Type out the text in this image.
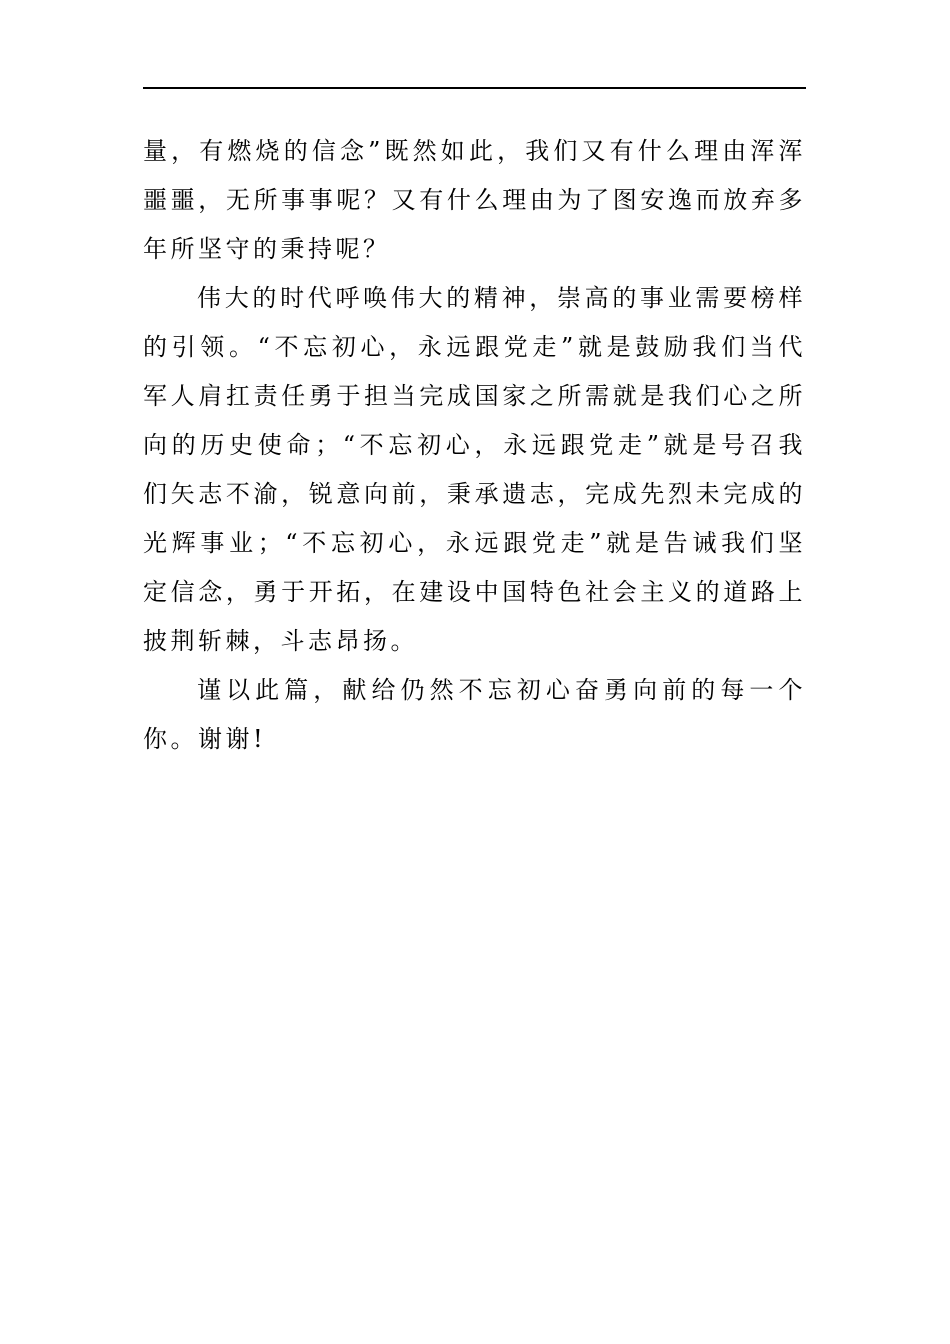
量，有燃烧的信念”既然如此，我们又有什么理由浑浑噩噩，无所事事呢？又有什么理由为了图安逸而放弃多年所坚守的秉持呢？

伟大的时代呼唤伟大的精神，崇高的事业需要榜样的引领。“不忘初心，永远跟党走”就是鼓励我们当代军人肩扛责任勇于担当完成国家之所需就是我们心之所向的历史使命；“不忘初心，永远跟党走”就是号召我们矢志不渝，锐意向前，秉承遗志，完成先烈未完成的光辉事业；“不忘初心，永远跟党走”就是告诫我们坚定信念，勇于开拓，在建设中国特色社会主义的道路上披荆斩棘，斗志昂扬。

谨以此篇，献给仍然不忘初心奋勇向前的每一个你。谢谢!
